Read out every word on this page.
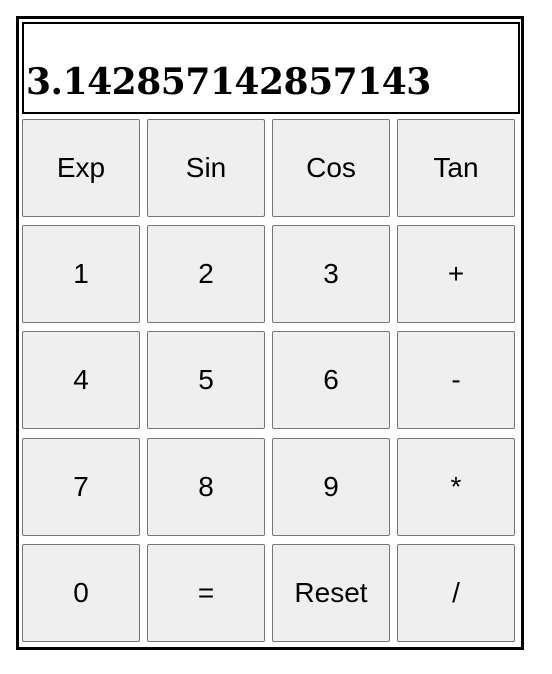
3.142857142857143
Exp	Sin	Cos	Tan
1	2	3	+
4	5	6	-
7	8	9	*
0	=	Reset	/
